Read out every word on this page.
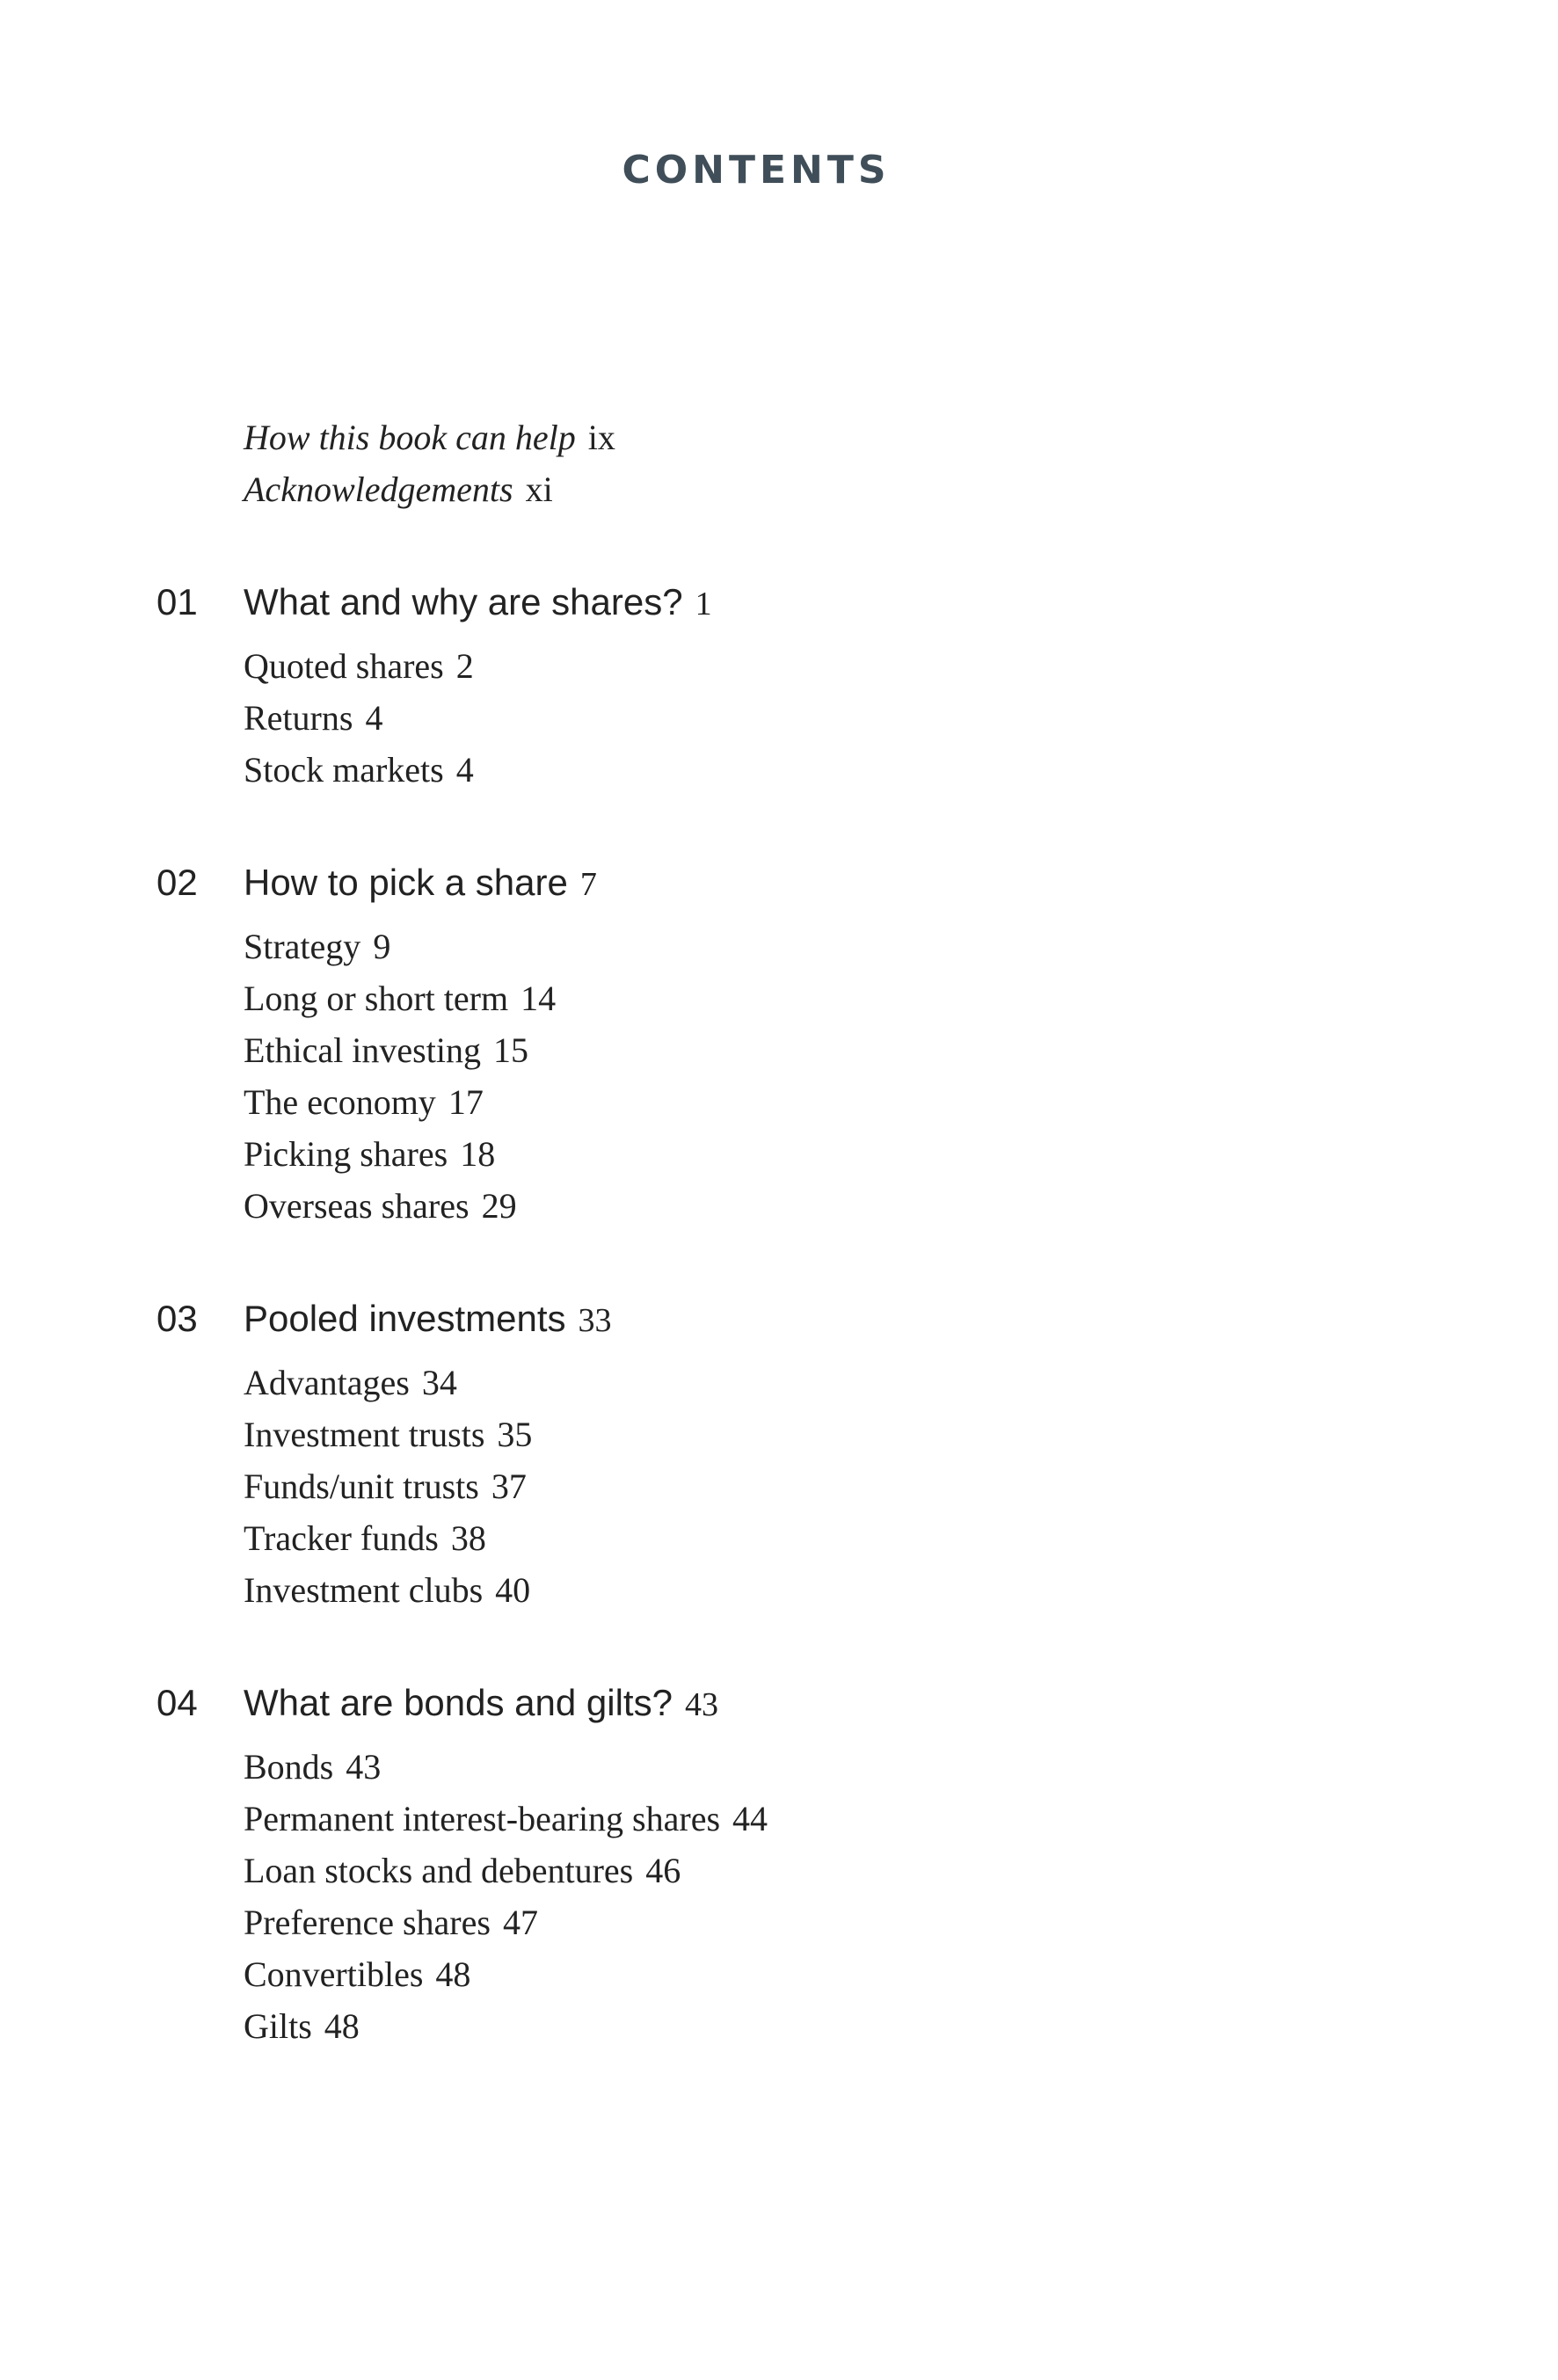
CONTENTS
How this book can help ix
Acknowledgements xi
01 What and why are shares? 1
Quoted shares 2
Returns 4
Stock markets 4
02 How to pick a share 7
Strategy 9
Long or short term 14
Ethical investing 15
The economy 17
Picking shares 18
Overseas shares 29
03 Pooled investments 33
Advantages 34
Investment trusts 35
Funds/unit trusts 37
Tracker funds 38
Investment clubs 40
04 What are bonds and gilts? 43
Bonds 43
Permanent interest-bearing shares 44
Loan stocks and debentures 46
Preference shares 47
Convertibles 48
Gilts 48
